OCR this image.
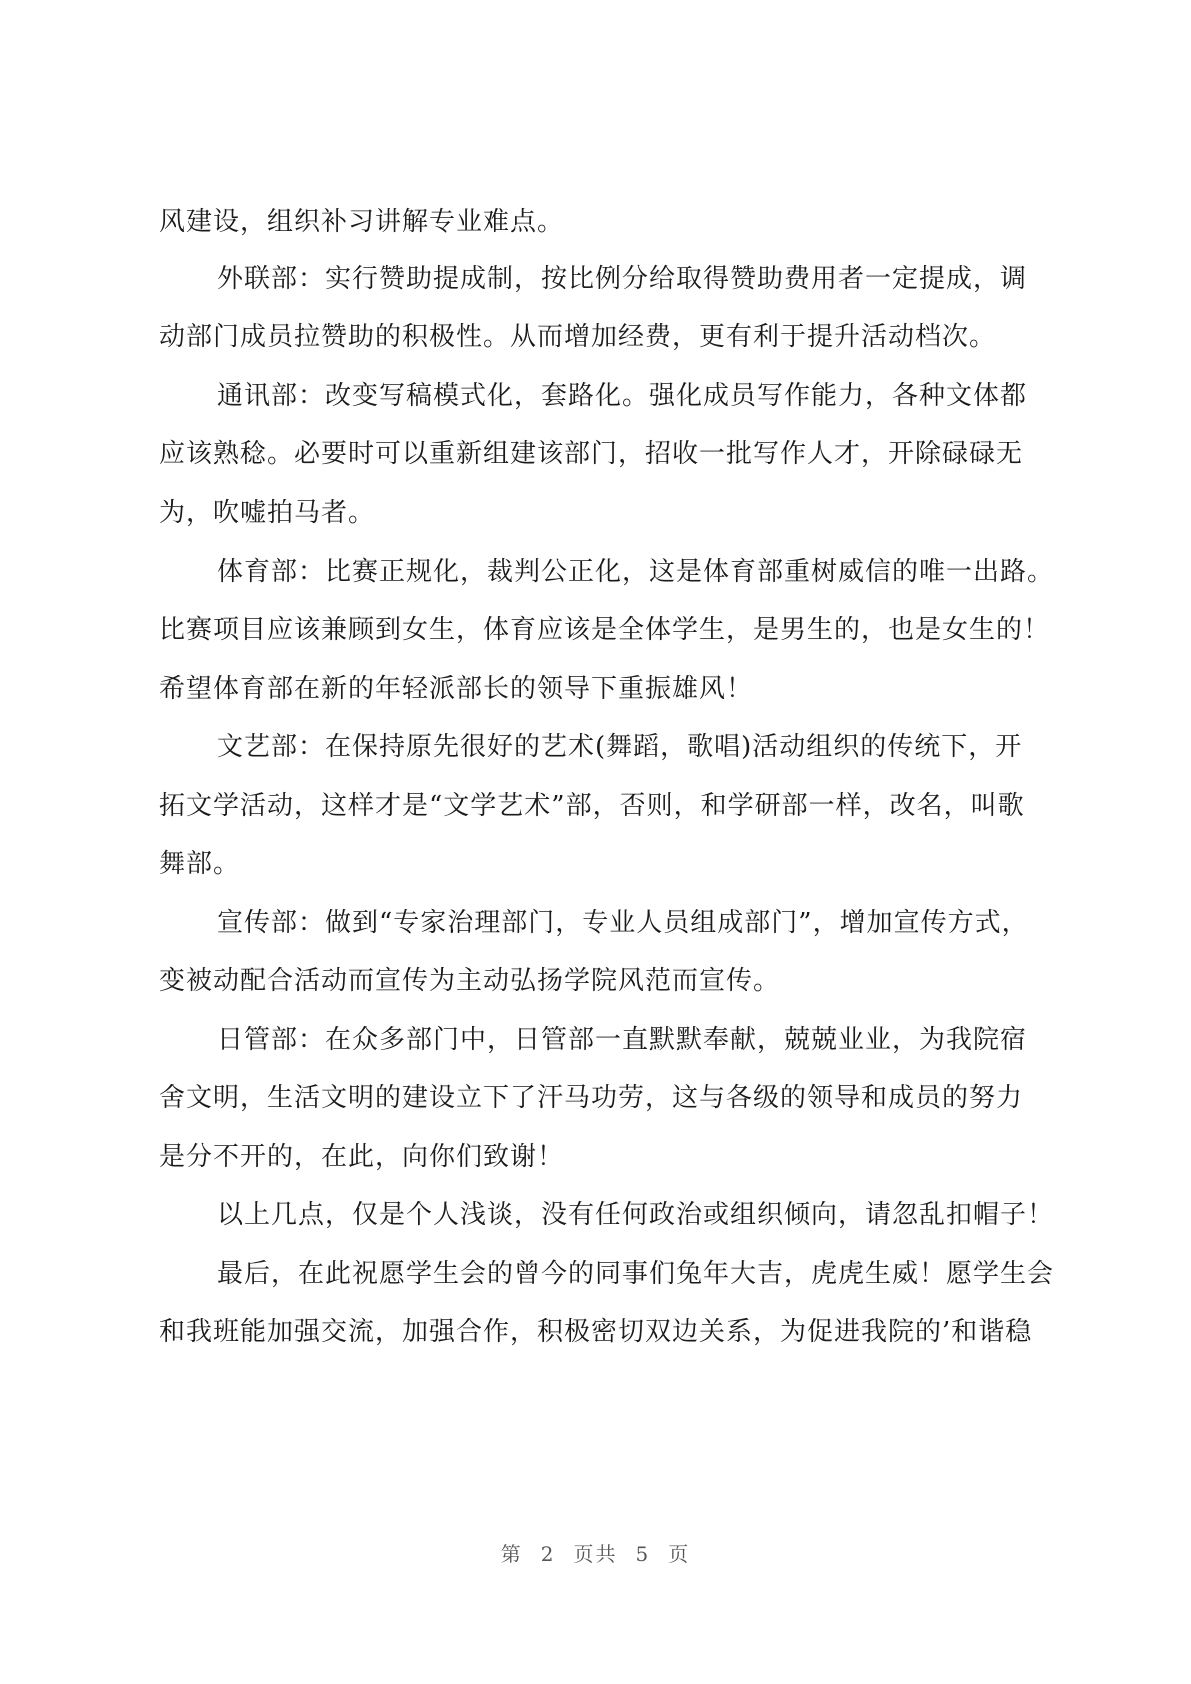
风建设，组织补习讲解专业难点。
外联部：实行赞助提成制，按比例分给取得赞助费用者一定提成，调
动部门成员拉赞助的积极性。从而增加经费，更有利于提升活动档次。
通讯部：改变写稿模式化，套路化。强化成员写作能力，各种文体都
应该熟稔。必要时可以重新组建该部门，招收一批写作人才，开除碌碌无
为，吹嘘拍马者。
体育部：比赛正规化，裁判公正化，这是体育部重树威信的唯一出路。
比赛项目应该兼顾到女生，体育应该是全体学生，是男生的，也是女生的！
希望体育部在新的年轻派部长的领导下重振雄风！
文艺部：在保持原先很好的艺术(舞蹈，歌唱)活动组织的传统下，开
拓文学活动，这样才是“文学艺术”部，否则，和学研部一样，改名，叫歌
舞部。
宣传部：做到“专家治理部门，专业人员组成部门”，增加宣传方式，
变被动配合活动而宣传为主动弘扬学院风范而宣传。
日管部：在众多部门中，日管部一直默默奉献，兢兢业业，为我院宿
舍文明，生活文明的建设立下了汗马功劳，这与各级的领导和成员的努力
是分不开的，在此，向你们致谢！
以上几点，仅是个人浅谈，没有任何政治或组织倾向，请忽乱扣帽子！
最后，在此祝愿学生会的曾今的同事们兔年大吉，虎虎生威！愿学生会
和我班能加强交流，加强合作，积极密切双边关系，为促进我院的’和谐稳
第 2 页共 5 页
